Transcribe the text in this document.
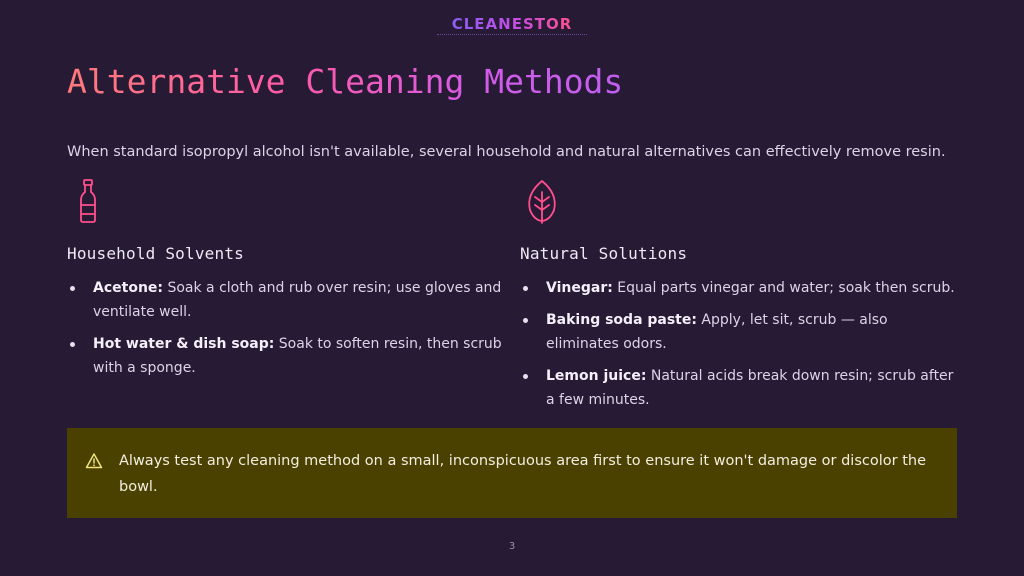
CLEANESTOR
Alternative Cleaning Methods

When standard isopropyl alcohol isn't available, several household and natural alternatives can effectively remove resin.

Household Solvents
Acetone: Soak a cloth and rub over resin; use gloves and ventilate well.
Hot water & dish soap: Soak to soften resin, then scrub with a sponge.
Natural Solutions
Vinegar: Equal parts vinegar and water; soak then scrub.
Baking soda paste: Apply, let sit, scrub — also eliminates odors.
Lemon juice: Natural acids break down resin; scrub after a few minutes.

Always test any cleaning method on a small, inconspicuous area first to ensure it won't damage or discolor the bowl.

3
